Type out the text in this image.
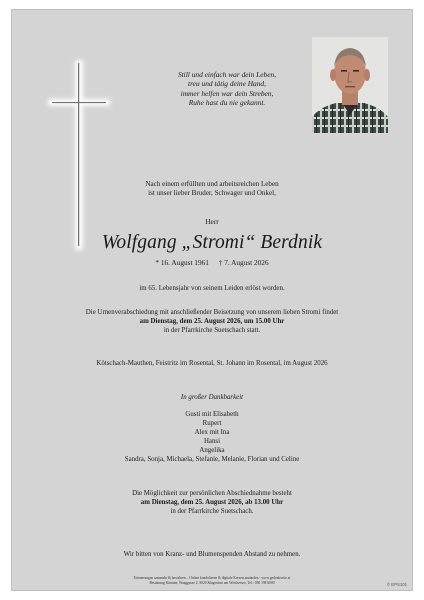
Still und einfach war dein Leben,
treu und tätig deine Hand,
immer helfen war dein Streben,
Ruhe hast du nie gekannt.
Nach einem erfüllten und arbeitsreichen Leben
ist unser lieber Bruder, Schwager und Onkel,
Herr
Wolfgang „Stromi“ Berdnik
* 16. August 1961 † 7. August 2026
im 65. Lebensjahr von seinem Leiden erlöst worden.
Die Urnenverabschiedung mit anschließender Beisetzung von unserem lieben Stromi findet
am Dienstag, dem 25. August 2026, um 15.00 Uhr
in der Pfarrkirche Suetschach statt.
Kötschach-Mauthen, Feistritz im Rosental, St. Johann im Rosental, im August 2026
In großer Dankbarkeit
Gusti mit Elisabeth
Rupert
Alex mit Ina
Hansi
Angelika
Sandra, Sonja, Michaela, Stefanie, Melanie, Florian und Celine
Die Möglichkeit zur persönlichen Abschiednahme besteht
am Dienstag, dem 25. August 2026, ab 13.00 Uhr
in der Pfarrkirche Suetschach.
Wir bitten von Kranz- und Blumenspenden Abstand zu nehmen.
Erinnerungen sammeln & bewahren – Online kondolieren & digitale Kerzen anzünden - www.gedenkseite.at
Bestattung Kärnten, Waaggasse 2, 9020 Klagenfurt am Wörthersee, Tel.: 050 198 6000	© EPS101
